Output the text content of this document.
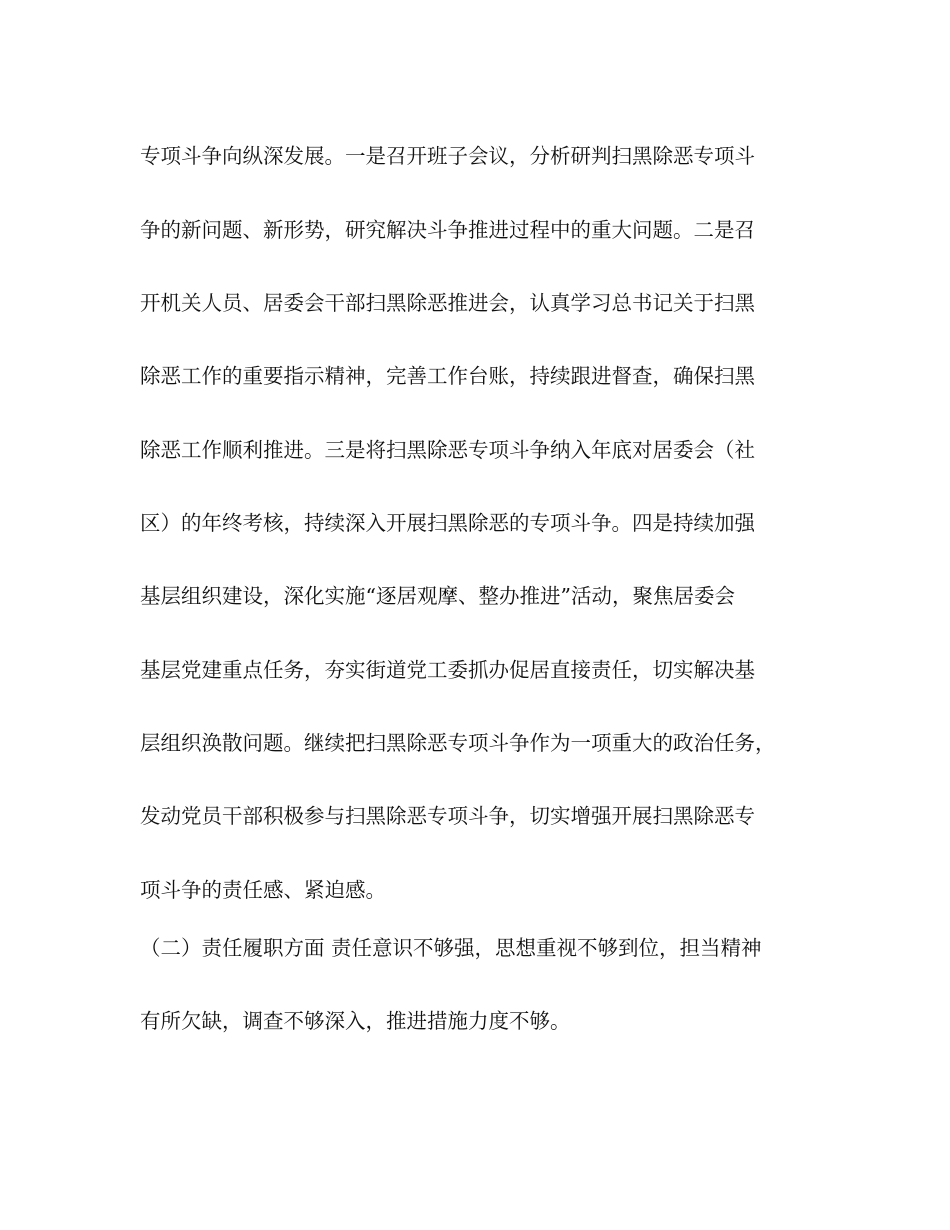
专项斗争向纵深发展。一是召开班子会议，分析研判扫黑除恶专项斗

争的新问题、新形势，研究解决斗争推进过程中的重大问题。二是召

开机关人员、居委会干部扫黑除恶推进会，认真学习总书记关于扫黑

除恶工作的重要指示精神，完善工作台账，持续跟进督查，确保扫黑

除恶工作顺利推进。三是将扫黑除恶专项斗争纳入年底对居委会（社

区）的年终考核，持续深入开展扫黑除恶的专项斗争。四是持续加强

基层组织建设，深化实施“逐居观摩、整办推进”活动，聚焦居委会

基层党建重点任务，夯实街道党工委抓办促居直接责任，切实解决基

层组织涣散问题。继续把扫黑除恶专项斗争作为一项重大的政治任务，

发动党员干部积极参与扫黑除恶专项斗争，切实增强开展扫黑除恶专

项斗争的责任感、紧迫感。

（二）责任履职方面 责任意识不够强，思想重视不够到位，担当精神

有所欠缺，调查不够深入，推进措施力度不够。
